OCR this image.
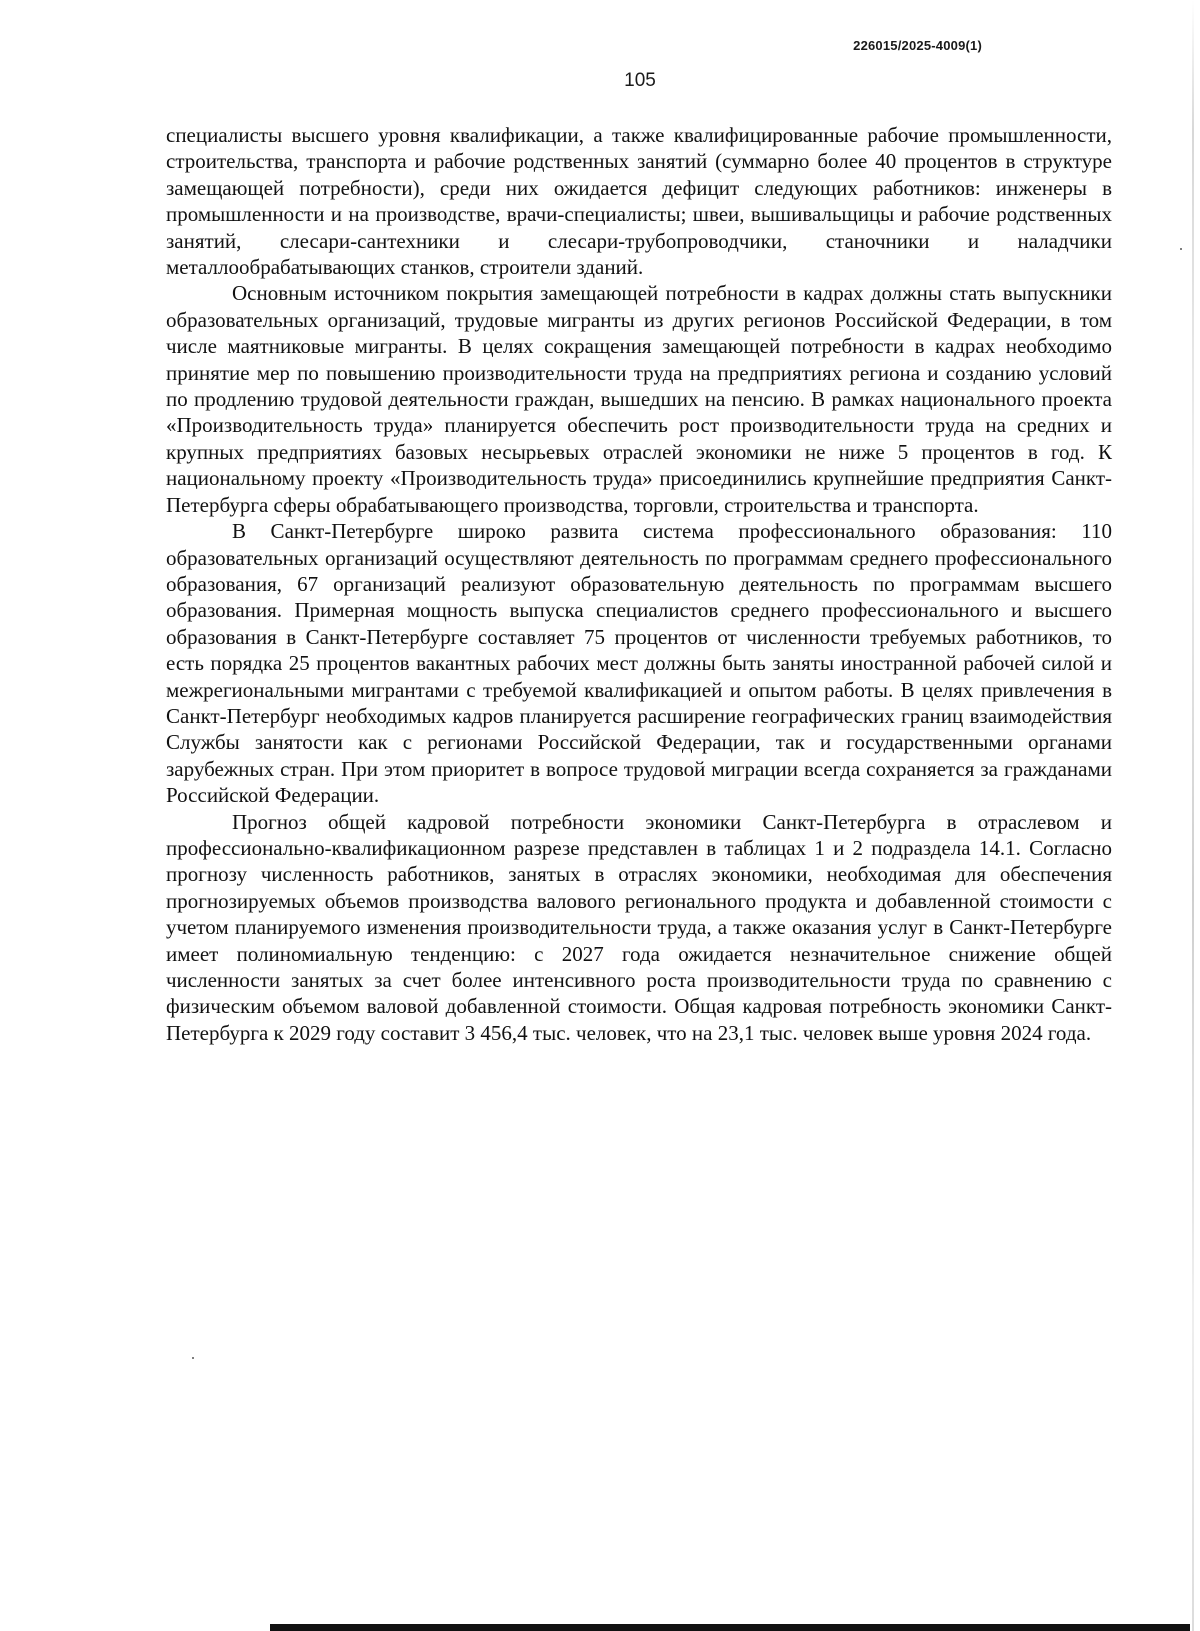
226015/2025-4009(1)
105

специалисты высшего уровня квалификации, а также квалифицированные рабочие промышленности, строительства, транспорта и рабочие родственных занятий (суммарно более 40 процентов в структуре замещающей потребности), среди них ожидается дефицит следующих работников: инженеры в промышленности и на производстве, врачи-специалисты; швеи, вышивальщицы и рабочие родственных занятий, слесари-сантехники и слесари-трубопроводчики, станочники и наладчики металлообрабатывающих станков, строители зданий.

Основным источником покрытия замещающей потребности в кадрах должны стать выпускники образовательных организаций, трудовые мигранты из других регионов Российской Федерации, в том числе маятниковые мигранты. В целях сокращения замещающей потребности в кадрах необходимо принятие мер по повышению производительности труда на предприятиях региона и созданию условий по продлению трудовой деятельности граждан, вышедших на пенсию. В рамках национального проекта «Производительность труда» планируется обеспечить рост производительности труда на средних и крупных предприятиях базовых несырьевых отраслей экономики не ниже 5 процентов в год. К национальному проекту «Производительность труда» присоединились крупнейшие предприятия Санкт-Петербурга сферы обрабатывающего производства, торговли, строительства и транспорта.

В Санкт-Петербурге широко развита система профессионального образования: 110 образовательных организаций осуществляют деятельность по программам среднего профессионального образования, 67 организаций реализуют образовательную деятельность по программам высшего образования. Примерная мощность выпуска специалистов среднего профессионального и высшего образования в Санкт-Петербурге составляет 75 процентов от численности требуемых работников, то есть порядка 25 процентов вакантных рабочих мест должны быть заняты иностранной рабочей силой и межрегиональными мигрантами с требуемой квалификацией и опытом работы. В целях привлечения в Санкт-Петербург необходимых кадров планируется расширение географических границ взаимодействия Службы занятости как с регионами Российской Федерации, так и государственными органами зарубежных стран. При этом приоритет в вопросе трудовой миграции всегда сохраняется за гражданами Российской Федерации.

Прогноз общей кадровой потребности экономики Санкт-Петербурга в отраслевом и профессионально-квалификационном разрезе представлен в таблицах 1 и 2 подраздела 14.1. Согласно прогнозу численность работников, занятых в отраслях экономики, необходимая для обеспечения прогнозируемых объемов производства валового регионального продукта и добавленной стоимости с учетом планируемого изменения производительности труда, а также оказания услуг в Санкт-Петербурге имеет полиномиальную тенденцию: с 2027 года ожидается незначительное снижение общей численности занятых за счет более интенсивного роста производительности труда по сравнению с физическим объемом валовой добавленной стоимости. Общая кадровая потребность экономики Санкт-Петербурга к 2029 году составит 3 456,4 тыс. человек, что на 23,1 тыс. человек выше уровня 2024 года.
